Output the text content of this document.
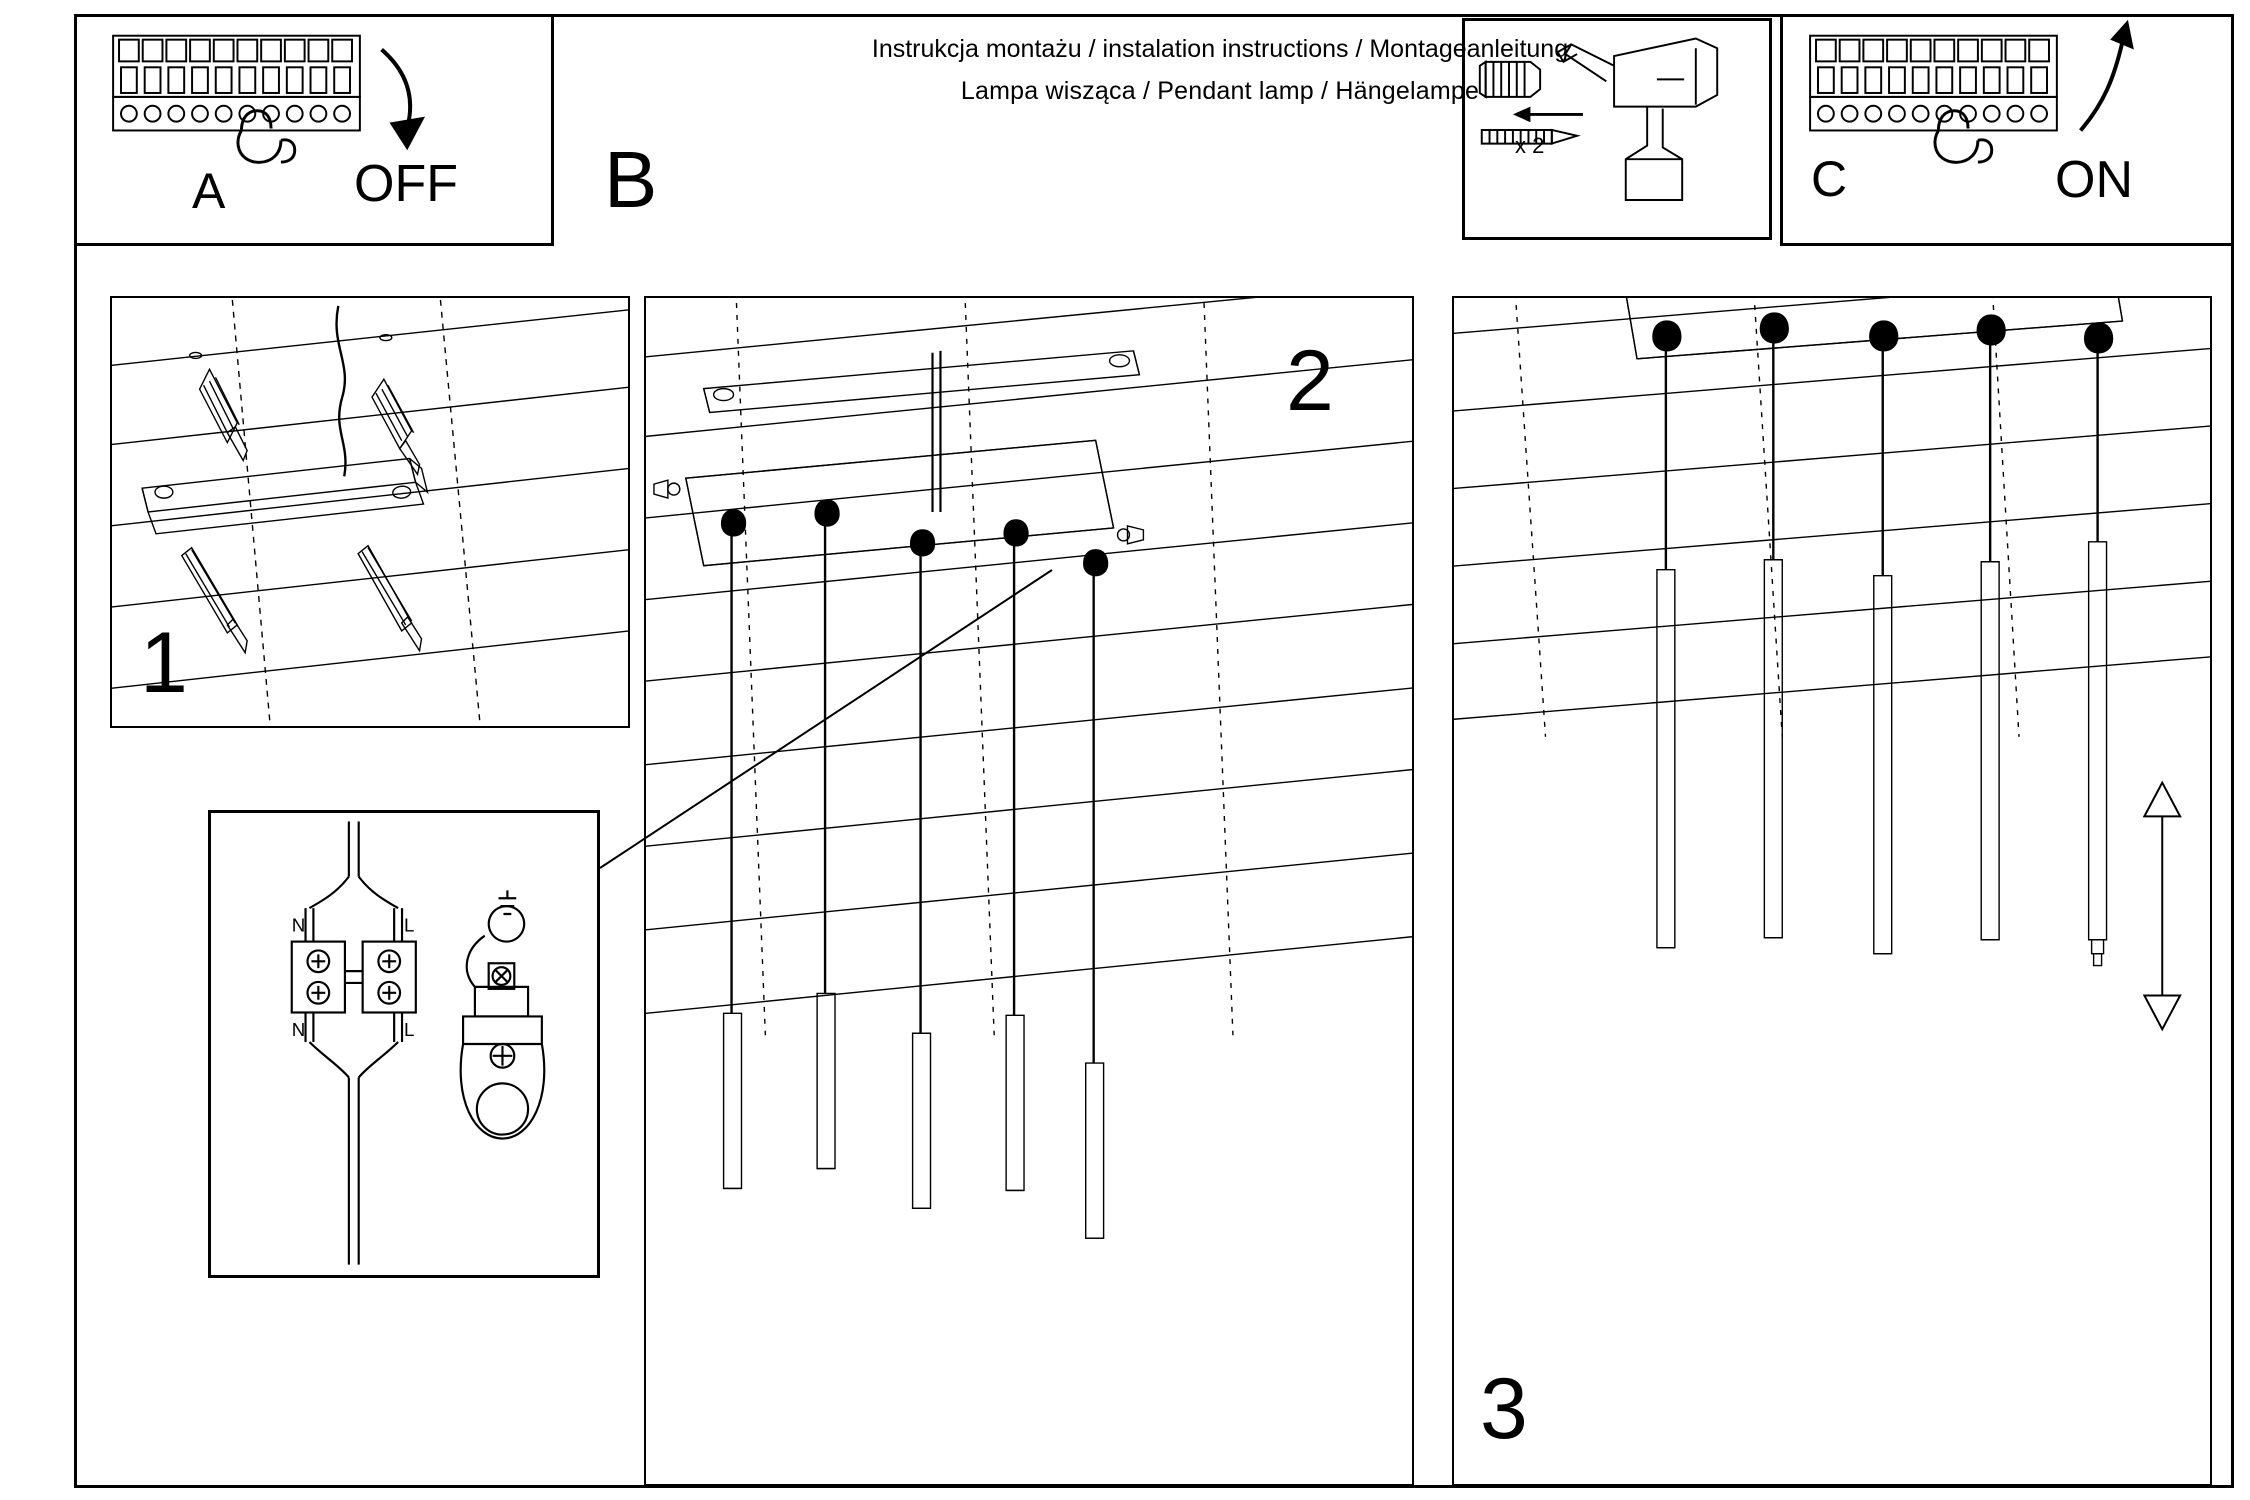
A OFF
Instrukcja montażu / instalation instructions / Montageanleitung
Lampa wisząca / Pendant lamp / Hängelampe
B	x 2
C	ON
1
N	L
N	L
2
3
